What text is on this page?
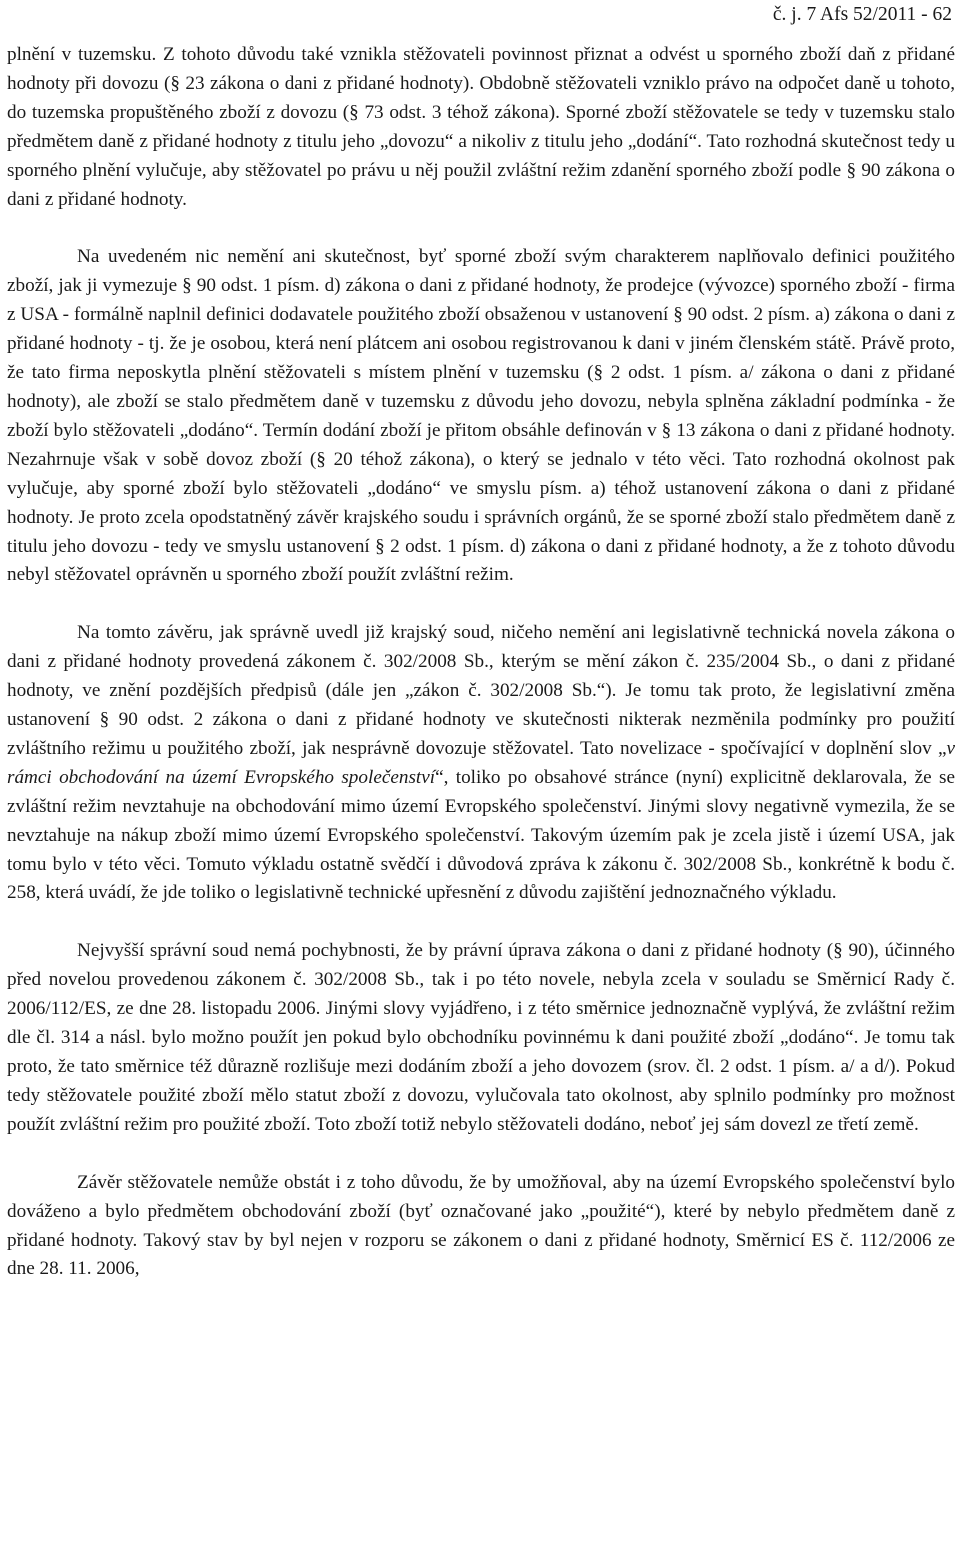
č. j. 7 Afs 52/2011 - 62

plnění v tuzemsku. Z tohoto důvodu také vznikla stěžovateli povinnost přiznat a odvést u sporného zboží daň z přidané hodnoty při dovozu (§ 23 zákona o dani z přidané hodnoty). Obdobně stěžovateli vzniklo právo na odpočet daně u tohoto, do tuzemska propuštěného zboží z dovozu (§ 73 odst. 3 téhož zákona). Sporné zboží stěžovatele se tedy v tuzemsku stalo předmětem daně z přidané hodnoty z titulu jeho „dovozu“ a nikoliv z titulu jeho „dodání“. Tato rozhodná skutečnost tedy u sporného plnění vylučuje, aby stěžovatel po právu u něj použil zvláštní režim zdanění sporného zboží podle § 90 zákona o dani z přidané hodnoty.

Na uvedeném nic nemění ani skutečnost, byť sporné zboží svým charakterem naplňovalo definici použitého zboží, jak ji vymezuje § 90 odst. 1 písm. d) zákona o dani z přidané hodnoty, že prodejce (vývozce) sporného zboží - firma z USA - formálně naplnil definici dodavatele použitého zboží obsaženou v ustanovení § 90 odst. 2 písm. a) zákona o dani z přidané hodnoty - tj. že je osobou, která není plátcem ani osobou registrovanou k dani v jiném členském státě. Právě proto, že tato firma neposkytla plnění stěžovateli s místem plnění v tuzemsku (§ 2 odst. 1 písm. a/ zákona o dani z přidané hodnoty), ale zboží se stalo předmětem daně v tuzemsku z důvodu jeho dovozu, nebyla splněna základní podmínka - že zboží bylo stěžovateli „dodáno“. Termín dodání zboží je přitom obsáhle definován v § 13 zákona o dani z přidané hodnoty. Nezahrnuje však v sobě dovoz zboží (§ 20 téhož zákona), o který se jednalo v této věci. Tato rozhodná okolnost pak vylučuje, aby sporné zboží bylo stěžovateli „dodáno“ ve smyslu písm. a) téhož ustanovení zákona o dani z přidané hodnoty. Je proto zcela opodstatněný závěr krajského soudu i správních orgánů, že se sporné zboží stalo předmětem daně z titulu jeho dovozu - tedy ve smyslu ustanovení § 2 odst. 1 písm. d) zákona o dani z přidané hodnoty, a že z tohoto důvodu nebyl stěžovatel oprávněn u sporného zboží použít zvláštní režim.

Na tomto závěru, jak správně uvedl již krajský soud, ničeho nemění ani legislativně technická novela zákona o dani z přidané hodnoty provedená zákonem č. 302/2008 Sb., kterým se mění zákon č. 235/2004 Sb., o dani z přidané hodnoty, ve znění pozdějších předpisů (dále jen „zákon č. 302/2008 Sb.“). Je tomu tak proto, že legislativní změna ustanovení § 90 odst. 2 zákona o dani z přidané hodnoty ve skutečnosti nikterak nezměnila podmínky pro použití zvláštního režimu u použitého zboží, jak nesprávně dovozuje stěžovatel. Tato novelizace - spočívající v doplnění slov „v rámci obchodování na území Evropského společenství“, toliko po obsahové stránce (nyní) explicitně deklarovala, že se zvláštní režim nevztahuje na obchodování mimo území Evropského společenství. Jinými slovy negativně vymezila, že se nevztahuje na nákup zboží mimo území Evropského společenství. Takovým územím pak je zcela jistě i území USA, jak tomu bylo v této věci. Tomuto výkladu ostatně svědčí i důvodová zpráva k zákonu č. 302/2008 Sb., konkrétně k bodu č. 258, která uvádí, že jde toliko o legislativně technické upřesnění z důvodu zajištění jednoznačného výkladu.

Nejvyšší správní soud nemá pochybnosti, že by právní úprava zákona o dani z přidané hodnoty (§ 90), účinného před novelou provedenou zákonem č. 302/2008 Sb., tak i po této novele, nebyla zcela v souladu se Směrnicí Rady č. 2006/112/ES, ze dne 28. listopadu 2006. Jinými slovy vyjádřeno, i z této směrnice jednoznačně vyplývá, že zvláštní režim dle čl. 314 a násl. bylo možno použít jen pokud bylo obchodníku povinnému k dani použité zboží „dodáno“. Je tomu tak proto, že tato směrnice též důrazně rozlišuje mezi dodáním zboží a jeho dovozem (srov. čl. 2 odst. 1 písm. a/ a d/). Pokud tedy stěžovatele použité zboží mělo statut zboží z dovozu, vylučovala tato okolnost, aby splnilo podmínky pro možnost použít zvláštní režim pro použité zboží. Toto zboží totiž nebylo stěžovateli dodáno, neboť jej sám dovezl ze třetí země.

Závěr stěžovatele nemůže obstát i z toho důvodu, že by umožňoval, aby na území Evropského společenství bylo dováženo a bylo předmětem obchodování zboží (byť označované jako „použité“), které by nebylo předmětem daně z přidané hodnoty. Takový stav by byl nejen v rozporu se zákonem o dani z přidané hodnoty, Směrnicí ES č. 112/2006 ze dne 28. 11. 2006,
